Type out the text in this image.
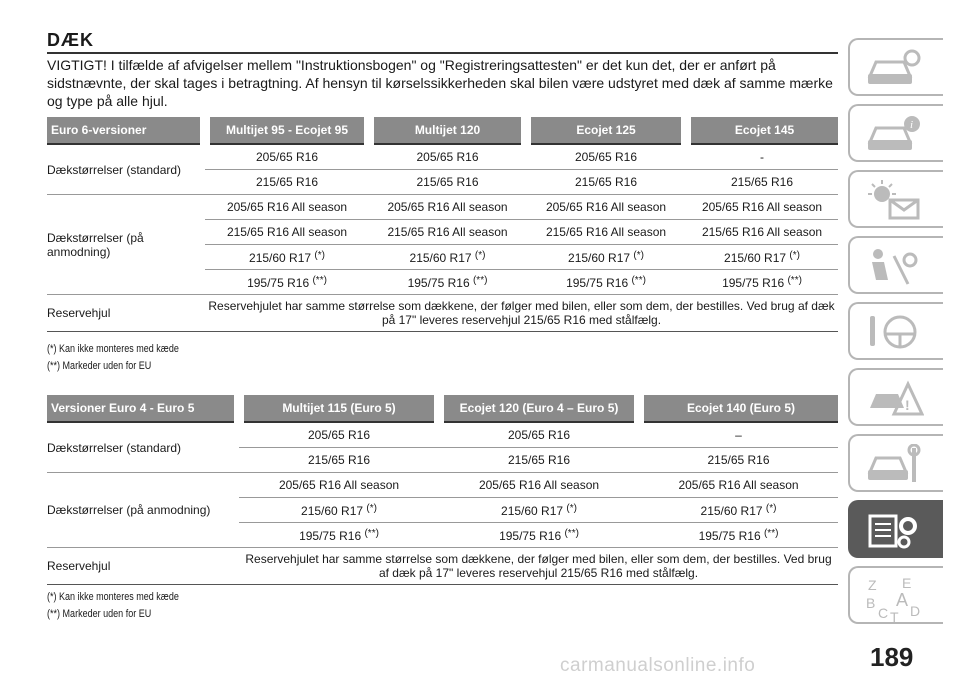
DÆK
VIGTIGT! I tilfælde af afvigelser mellem "Instruktionsbogen" og "Registreringsattesten" er det kun det, der er anført på sidstnævnte, der skal tages i betragtning. Af hensyn til kørselssikkerheden skal bilen være udstyret med dæk af samme mærke og type på alle hjul.
Euro 6-versioner	Multijet 95 - Ecojet 95	Multijet 120	Ecojet 125	Ecojet 145
Dækstørrelser (standard)	205/65 R16	205/65 R16	205/65 R16	-
	215/65 R16	215/65 R16	215/65 R16	215/65 R16
Dækstørrelser (på anmodning)	205/65 R16 All season	205/65 R16 All season	205/65 R16 All season	205/65 R16 All season
	215/65 R16 All season	215/65 R16 All season	215/65 R16 All season	215/65 R16 All season
	215/60 R17 (*)	215/60 R17 (*)	215/60 R17 (*)	215/60 R17 (*)
	195/75 R16 (**)	195/75 R16 (**)	195/75 R16 (**)	195/75 R16 (**)
Reservehjul	Reservehjulet har samme størrelse som dækkene, der følger med bilen, eller som dem, der bestilles. Ved brug af dæk på 17" leveres reservehjul 215/65 R16 med stålfælg.			
(*) Kan ikke monteres med kæde
(**) Markeder uden for EU
Versioner Euro 4 - Euro 5	Multijet 115 (Euro 5)	Ecojet 120 (Euro 4 – Euro 5)	Ecojet 140 (Euro 5)
Dækstørrelser (standard)	205/65 R16	205/65 R16	–
	215/65 R16	215/65 R16	215/65 R16
Dækstørrelser (på anmodning)	205/65 R16 All season	205/65 R16 All season	205/65 R16 All season
	215/60 R17 (*)	215/60 R17 (*)	215/60 R17 (*)
	195/75 R16 (**)	195/75 R16 (**)	195/75 R16 (**)
Reservehjul	Reservehjulet har samme størrelse som dækkene, der følger med bilen, eller som dem, der bestilles. Ved brug af dæk på 17" leveres reservehjul 215/65 R16 med stålfælg.		
(*) Kan ikke monteres med kæde
(**) Markeder uden for EU
i
!
Z E
B A
C T D
carmanualsonline.info	189
